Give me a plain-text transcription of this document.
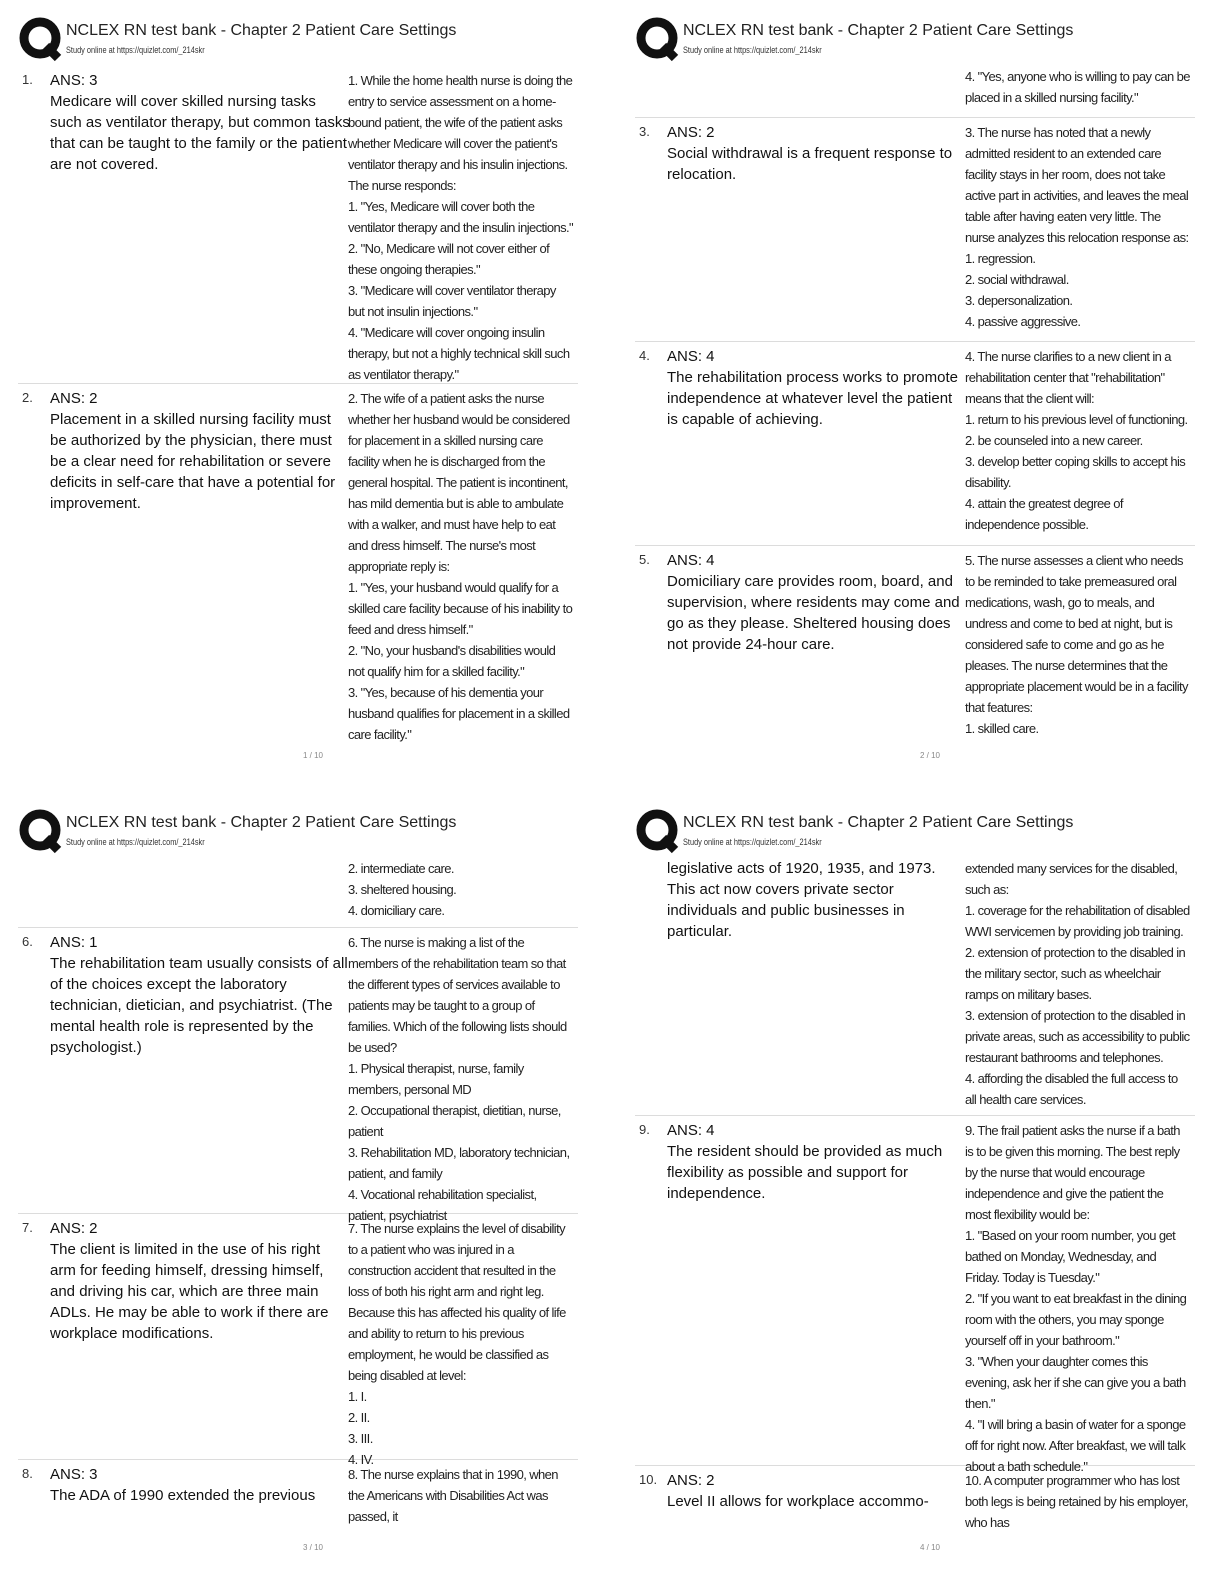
NCLEX RN test bank - Chapter 2 Patient Care Settings
Study online at https://quizlet.com/_214skr
1. ANS: 3
Medicare will cover skilled nursing tasks such as ventilator therapy, but common tasks that can be taught to the family or the patient are not covered.
1. While the home health nurse is doing the entry to service assessment on a home-bound patient, the wife of the patient asks whether Medicare will cover the patient's ventilator therapy and his insulin injections. The nurse responds:
1. "Yes, Medicare will cover both the ventilator therapy and the insulin injections."
2. "No, Medicare will not cover either of these ongoing therapies."
3. "Medicare will cover ventilator therapy but not insulin injections."
4. "Medicare will cover ongoing insulin therapy, but not a highly technical skill such as ventilator therapy."
2. ANS: 2
Placement in a skilled nursing facility must be authorized by the physician, there must be a clear need for rehabilitation or severe deficits in self-care that have a potential for improvement.
2. The wife of a patient asks the nurse whether her husband would be considered for placement in a skilled nursing care facility when he is discharged from the general hospital. The patient is incontinent, has mild dementia but is able to ambulate with a walker, and must have help to eat and dress himself. The nurse's most appropriate reply is:
1. "Yes, your husband would qualify for a skilled care facility because of his inability to feed and dress himself."
2. "No, your husband's disabilities would not qualify him for a skilled facility."
3. "Yes, because of his dementia your husband qualifies for placement in a skilled care facility."
1 / 10
NCLEX RN test bank - Chapter 2 Patient Care Settings
Study online at https://quizlet.com/_214skr
4. "Yes, anyone who is willing to pay can be placed in a skilled nursing facility."
3. ANS: 2
Social withdrawal is a frequent response to relocation.
3. The nurse has noted that a newly admitted resident to an extended care facility stays in her room, does not take active part in activities, and leaves the meal table after having eaten very little. The nurse analyzes this relocation response as:
1. regression.
2. social withdrawal.
3. depersonalization.
4. passive aggressive.
4. ANS: 4
The rehabilitation process works to promote independence at whatever level the patient is capable of achieving.
4. The nurse clarifies to a new client in a rehabilitation center that "rehabilitation" means that the client will:
1. return to his previous level of functioning.
2. be counseled into a new career.
3. develop better coping skills to accept his disability.
4. attain the greatest degree of independence possible.
5. ANS: 4
Domiciliary care provides room, board, and supervision, where residents may come and go as they please. Sheltered housing does not provide 24-hour care.
5. The nurse assesses a client who needs to be reminded to take premeasured oral medications, wash, go to meals, and undress and come to bed at night, but is considered safe to come and go as he pleases. The nurse determines that the appropriate placement would be in a facility that features:
1. skilled care.
2 / 10
NCLEX RN test bank - Chapter 2 Patient Care Settings
Study online at https://quizlet.com/_214skr
2. intermediate care.
3. sheltered housing.
4. domiciliary care.
6. ANS: 1
The rehabilitation team usually consists of all of the choices except the laboratory technician, dietician, and psychiatrist. (The mental health role is represented by the psychologist.)
6. The nurse is making a list of the members of the rehabilitation team so that the different types of services available to patients may be taught to a group of families. Which of the following lists should be used?
1. Physical therapist, nurse, family members, personal MD
2. Occupational therapist, dietitian, nurse, patient
3. Rehabilitation MD, laboratory technician, patient, and family
4. Vocational rehabilitation specialist, patient, psychiatrist
7. ANS: 2
The client is limited in the use of his right arm for feeding himself, dressing himself, and driving his car, which are three main ADLs. He may be able to work if there are workplace modifications.
7. The nurse explains the level of disability to a patient who was injured in a construction accident that resulted in the loss of both his right arm and right leg. Because this has affected his quality of life and ability to return to his previous employment, he would be classified as being disabled at level:
1. I.
2. II.
3. III.
4. IV.
8. ANS: 3
The ADA of 1990 extended the previous
8. The nurse explains that in 1990, when the Americans with Disabilities Act was passed, it
3 / 10
NCLEX RN test bank - Chapter 2 Patient Care Settings
Study online at https://quizlet.com/_214skr
legislative acts of 1920, 1935, and 1973. This act now covers private sector individuals and public businesses in particular.
extended many services for the disabled, such as:
1. coverage for the rehabilitation of disabled WWI servicemen by providing job training.
2. extension of protection to the disabled in the military sector, such as wheelchair ramps on military bases.
3. extension of protection to the disabled in private areas, such as accessibility to public restaurant bathrooms and telephones.
4. affording the disabled the full access to all health care services.
9. ANS: 4
The resident should be provided as much flexibility as possible and support for independence.
9. The frail patient asks the nurse if a bath is to be given this morning. The best reply by the nurse that would encourage independence and give the patient the most flexibility would be:
1. "Based on your room number, you get bathed on Monday, Wednesday, and Friday. Today is Tuesday."
2. "If you want to eat breakfast in the dining room with the others, you may sponge yourself off in your bathroom."
3. "When your daughter comes this evening, ask her if she can give you a bath then."
4. "I will bring a basin of water for a sponge off for right now. After breakfast, we will talk about a bath schedule."
10. ANS: 2
Level II allows for workplace accommo-
10. A computer programmer who has lost both legs is being retained by his employer, who has
4 / 10
